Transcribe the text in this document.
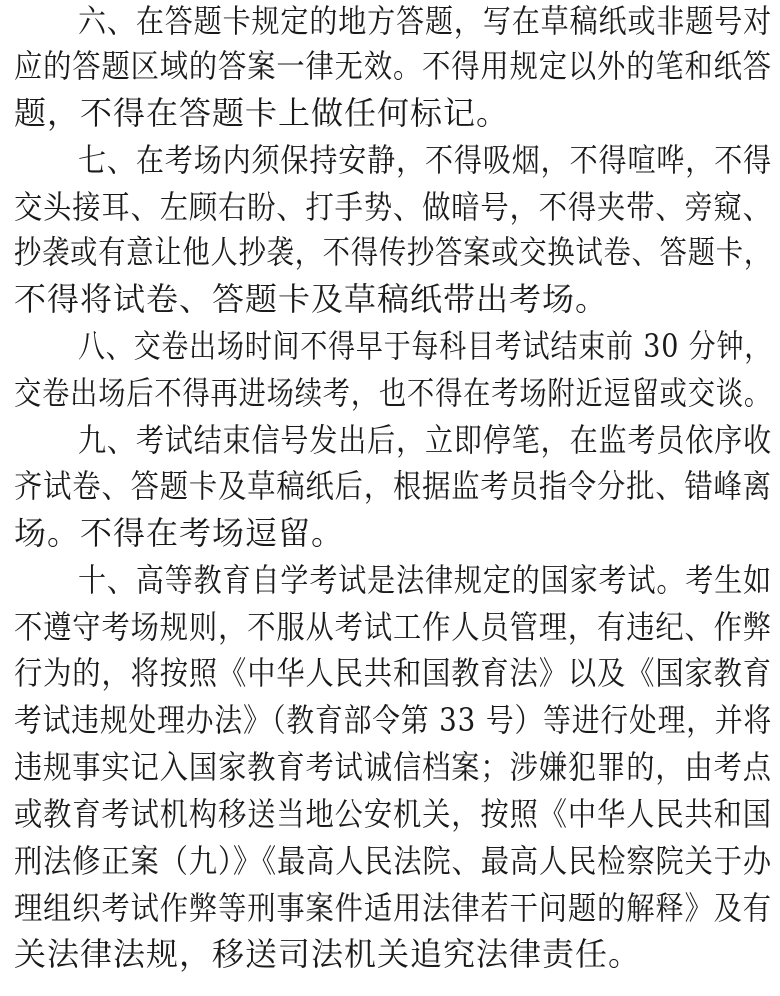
六、在答题卡规定的地方答题，写在草稿纸或非题号对
应的答题区域的答案一律无效。不得用规定以外的笔和纸答
题，不得在答题卡上做任何标记。
七、在考场内须保持安静，不得吸烟，不得喧哗，不得
交头接耳、左顾右盼、打手势、做暗号，不得夹带、旁窥、
抄袭或有意让他人抄袭，不得传抄答案或交换试卷、答题卡，
不得将试卷、答题卡及草稿纸带出考场。
八、交卷出场时间不得早于每科目考试结束前 30 分钟，
交卷出场后不得再进场续考，也不得在考场附近逗留或交谈。
九、考试结束信号发出后，立即停笔，在监考员依序收
齐试卷、答题卡及草稿纸后，根据监考员指令分批、错峰离
场。不得在考场逗留。
十、高等教育自学考试是法律规定的国家考试。考生如
不遵守考场规则，不服从考试工作人员管理，有违纪、作弊
行为的，将按照《中华人民共和国教育法》以及《国家教育
考试违规处理办法》（教育部令第 33 号）等进行处理，并将
违规事实记入国家教育考试诚信档案；涉嫌犯罪的，由考点
或教育考试机构移送当地公安机关，按照《中华人民共和国
刑法修正案（九）》《最高人民法院、最高人民检察院关于办
理组织考试作弊等刑事案件适用法律若干问题的解释》及有
关法律法规，移送司法机关追究法律责任。
